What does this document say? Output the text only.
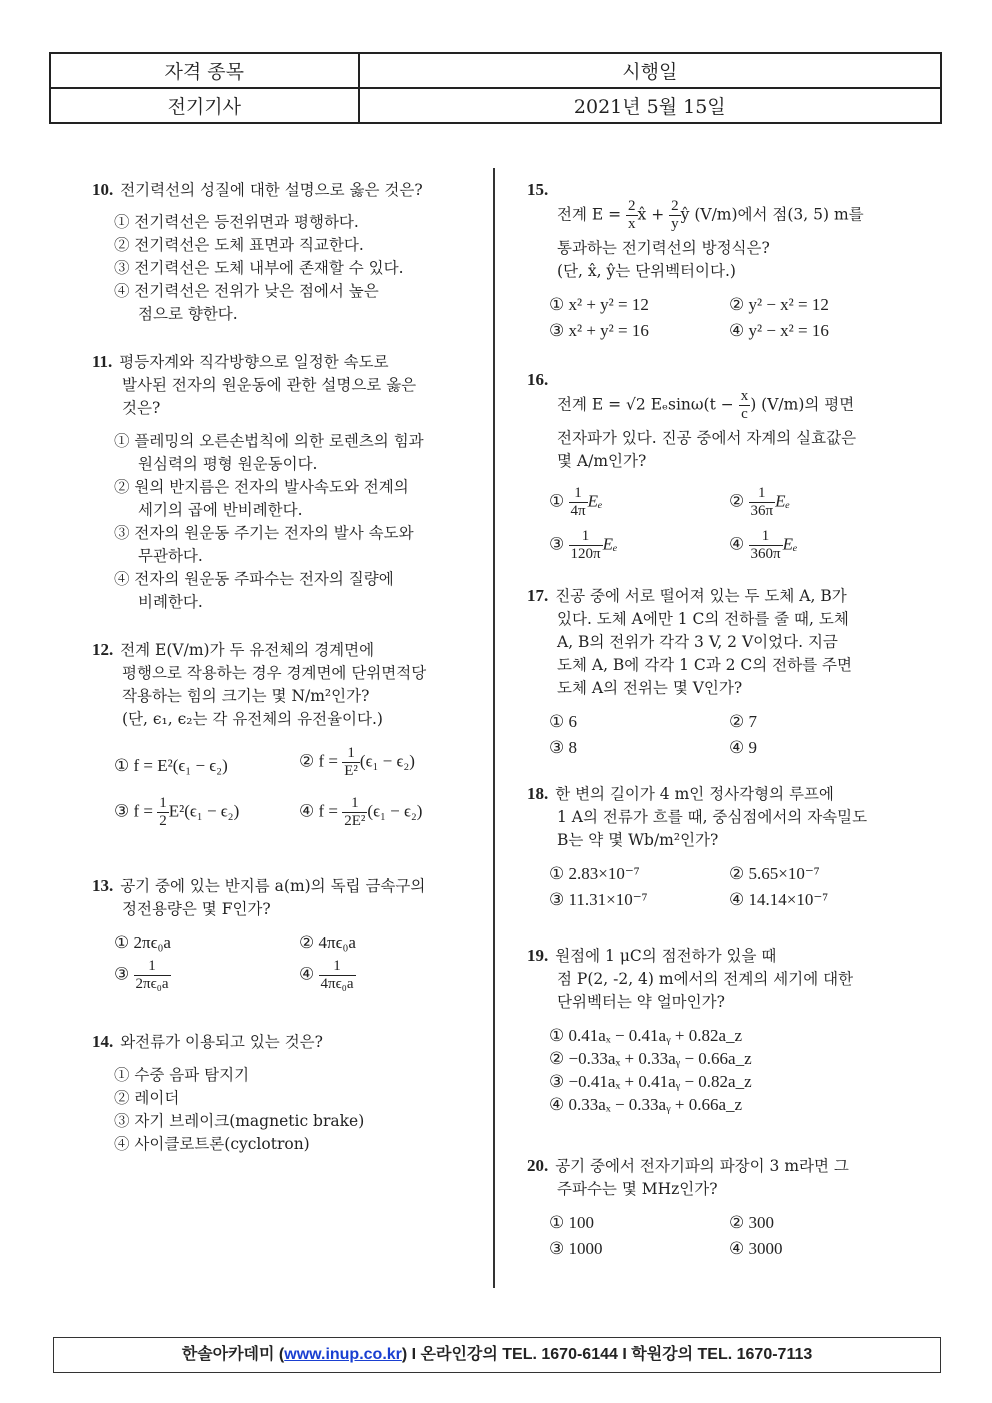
자격 종목	시행일
전기기사	2021년 5월 15일
10. 전기력선의 성질에 대한 설명으로 옳은 것은?
① 전기력선은 등전위면과 평행하다.
② 전기력선은 도체 표면과 직교한다.
③ 전기력선은 도체 내부에 존재할 수 있다.
④ 전기력선은 전위가 낮은 점에서 높은
점으로 향한다.
11. 평등자계와 직각방향으로 일정한 속도로
발사된 전자의 원운동에 관한 설명으로 옳은
것은?
① 플레밍의 오른손법칙에 의한 로렌츠의 힘과
원심력의 평형 원운동이다.
② 원의 반지름은 전자의 발사속도와 전계의
세기의 곱에 반비례한다.
③ 전자의 원운동 주기는 전자의 발사 속도와
무관하다.
④ 전자의 원운동 주파수는 전자의 질량에
비례한다.
12. 전계 E(V/m)가 두 유전체의 경계면에
평행으로 작용하는 경우 경계면에 단위면적당
작용하는 힘의 크기는 몇 N/m²인가?
(단, ϵ₁, ϵ₂는 각 유전체의 유전율이다.)
① f = E²(ϵ₁ − ϵ₂)	② $f = \frac{1}{\text{E²}} (\epsilon_1 - \epsilon_2)$
③ $f = \frac{1}{2} E^2(\epsilon_1 - \epsilon_2)$	④ $f = \frac{1}{\text{2E²}} (\epsilon_1 - \epsilon_2)$
13. 공기 중에 있는 반지름 a(m)의 독립 금속구의
정전용량은 몇 F인가?
① 2πϵ₀a	② 4πϵ₀a
③ $\frac{1}{\text{2πϵ₀a}}$	④ $\frac{1}{\text{4πϵ₀a}}$
14. 와전류가 이용되고 있는 것은?
① 수중 음파 탐지기
② 레이더
③ 자기 브레이크(magnetic brake)
④ 사이클로트론(cyclotron)
15.
전계 $E = \frac{2}{x}$ x̂ + $\frac{2}{y}$ ŷ (V/m)에서 점(3, 5) m를
통과하는 전기력선의 방정식은?
(단, x̂, ŷ는 단위벡터이다.)
① x² + y² = 12	② y² − x² = 12
③ x² + y² = 16	④ y² − x² = 16
16.
전계 E = √2 $E_e\sin\omega(t - \frac{x}{c}$ ) (V/m)의 평면
전자파가 있다. 진공 중에서 자계의 실효값은
몇 A/m인가?
① $\frac{1}{4\pi}$ Eₑ	② $\frac{1}{36\pi}$ Eₑ
③ $\frac{1}{120\pi}$ Eₑ	④ $\frac{1}{360\pi}$ Eₑ
17. 진공 중에 서로 떨어져 있는 두 도체 A, B가
있다. 도체 A에만 1 C의 전하를 줄 때, 도체
A, B의 전위가 각각 3 V, 2 V이었다. 지금
도체 A, B에 각각 1 C과 2 C의 전하를 주면
도체 A의 전위는 몇 V인가?
① 6	② 7
③ 8	④ 9
18. 한 변의 길이가 4 m인 정사각형의 루프에
1 A의 전류가 흐를 때, 중심점에서의 자속밀도
B는 약 몇 Wb/m²인가?
① 2.83×10⁻⁷	② 5.65×10⁻⁷
③ 11.31×10⁻⁷	④ 14.14×10⁻⁷
19. 원점에 1 μC의 점전하가 있을 때
점 P(2, -2, 4) m에서의 전계의 세기에 대한
단위벡터는 약 얼마인가?
① 0.41aₓ − 0.41aᵧ + 0.82a_z
② −0.33aₓ + 0.33aᵧ − 0.66a_z
③ −0.41aₓ + 0.41aᵧ − 0.82a_z
④ 0.33aₓ − 0.33aᵧ + 0.66a_z
20. 공기 중에서 전자기파의 파장이 3 m라면 그
주파수는 몇 MHz인가?
① 100	② 300
③ 1000	④ 3000
한솔아카데미 (www.inup.co.kr) I 온라인강의 TEL. 1670-6144 I 학원강의 TEL. 1670-7113
